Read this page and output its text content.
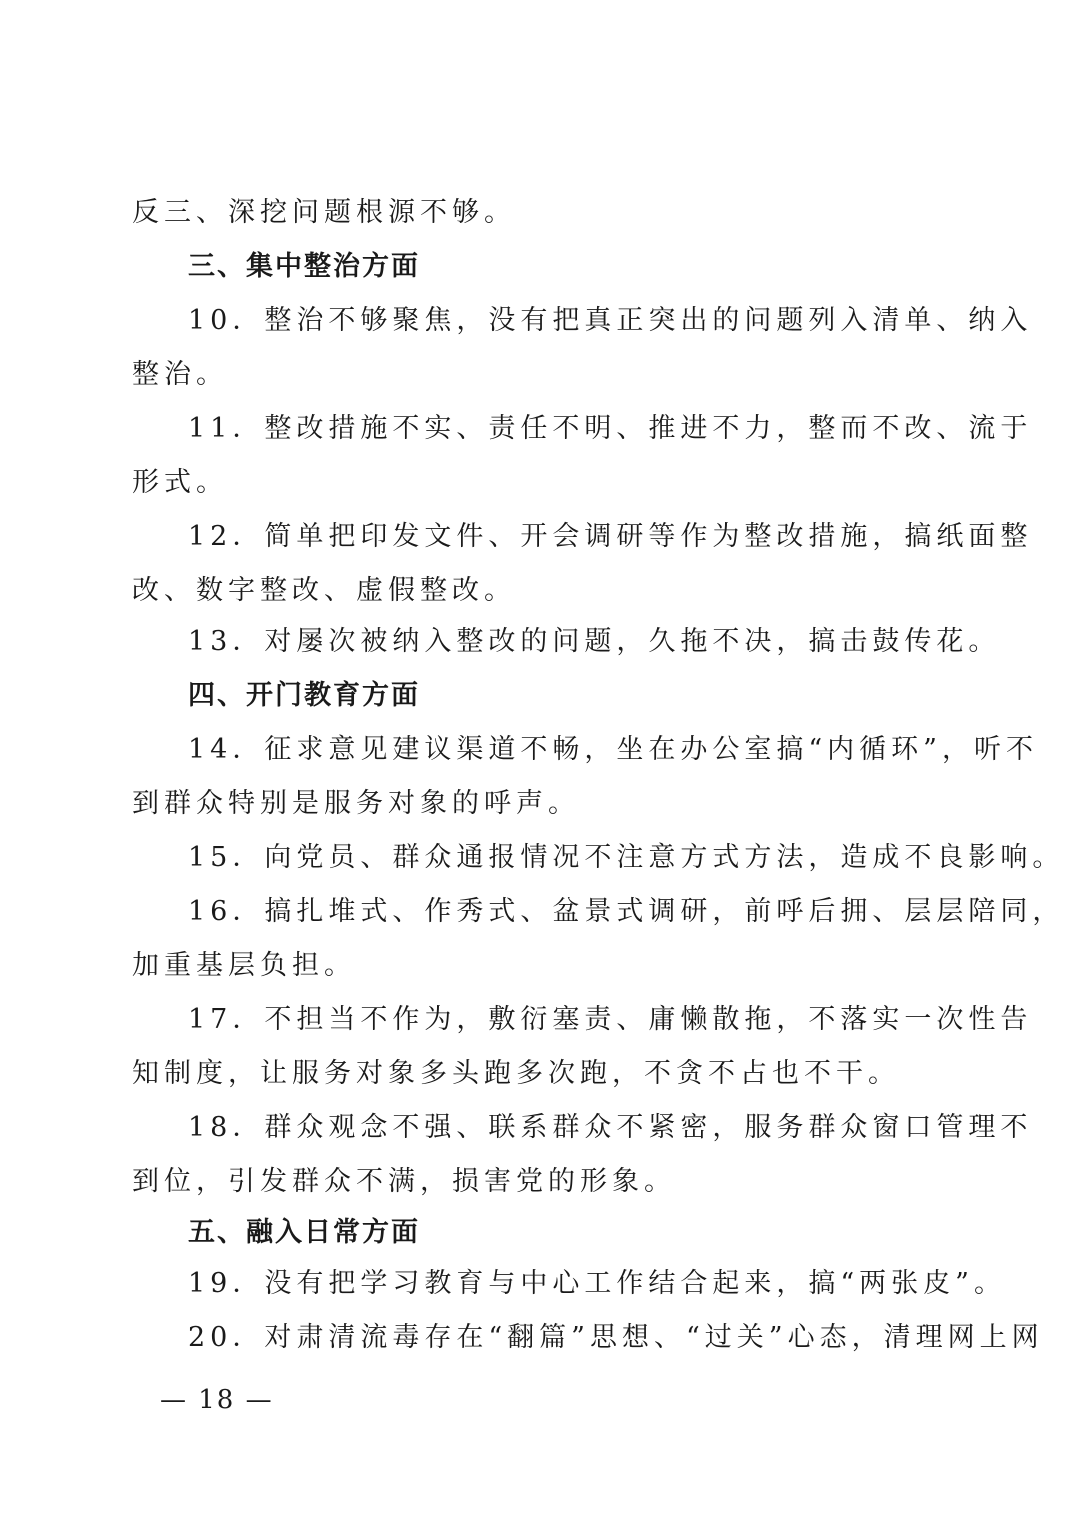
反三、深挖问题根源不够。
三、集中整治方面
10．整治不够聚焦，没有把真正突出的问题列入清单、纳入
整治。
11．整改措施不实、责任不明、推进不力，整而不改、流于
形式。
12．简单把印发文件、开会调研等作为整改措施，搞纸面整
改、数字整改、虚假整改。
13．对屡次被纳入整改的问题，久拖不决，搞击鼓传花。
四、开门教育方面
14．征求意见建议渠道不畅，坐在办公室搞“内循环”，听不
到群众特别是服务对象的呼声。
15．向党员、群众通报情况不注意方式方法，造成不良影响。
16．搞扎堆式、作秀式、盆景式调研，前呼后拥、层层陪同，
加重基层负担。
17．不担当不作为，敷衍塞责、庸懒散拖，不落实一次性告
知制度，让服务对象多头跑多次跑，不贪不占也不干。
18．群众观念不强、联系群众不紧密，服务群众窗口管理不
到位，引发群众不满，损害党的形象。
五、融入日常方面
19．没有把学习教育与中心工作结合起来，搞“两张皮”。
20．对肃清流毒存在“翻篇”思想、“过关”心态，清理网上网
— 18 —
